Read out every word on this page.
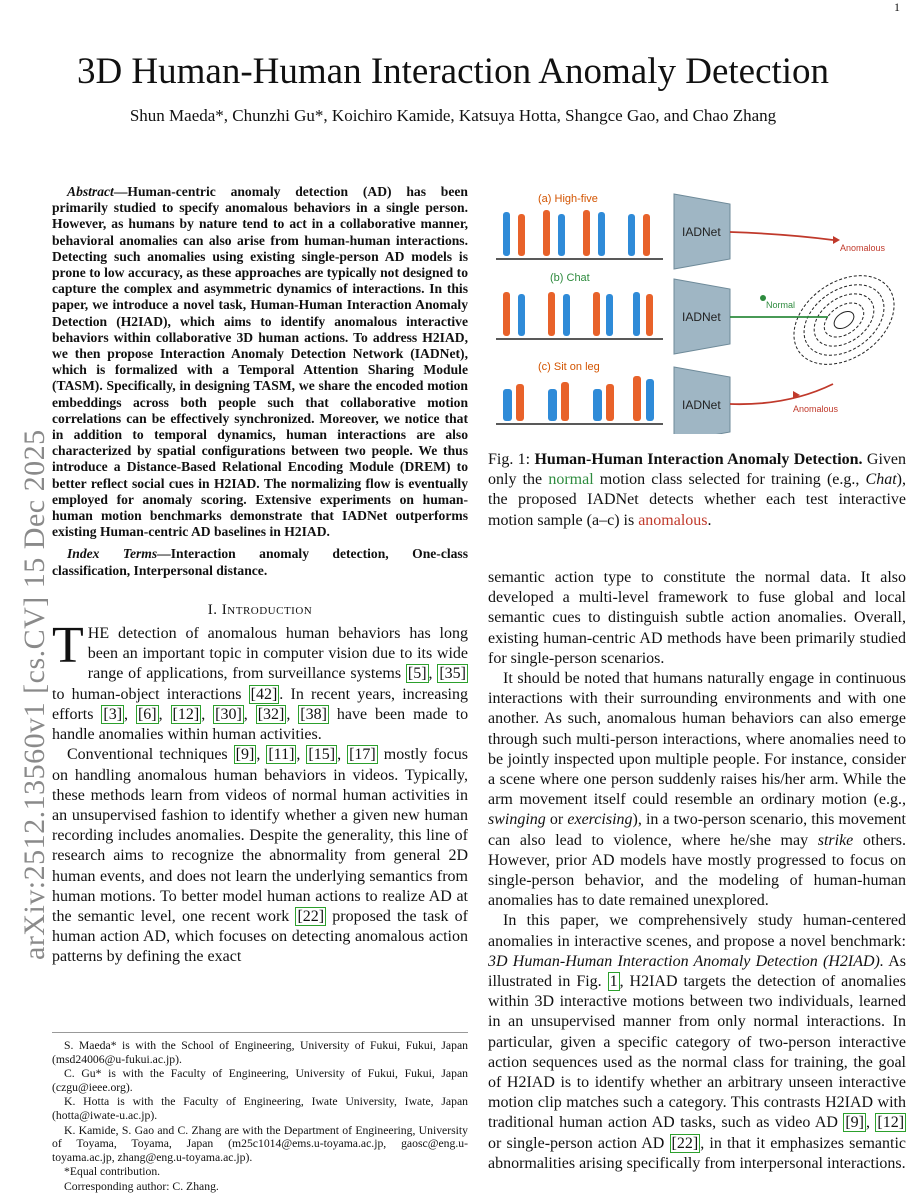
1
arXiv:2512.13560v1 [cs.CV] 15 Dec 2025
3D Human-Human Interaction Anomaly Detection
Shun Maeda*, Chunzhi Gu*, Koichiro Kamide, Katsuya Hotta, Shangce Gao, and Chao Zhang
Abstract—Human-centric anomaly detection (AD) has been primarily studied to specify anomalous behaviors in a single person. However, as humans by nature tend to act in a collaborative manner, behavioral anomalies can also arise from human-human interactions. Detecting such anomalies using existing single-person AD models is prone to low accuracy, as these approaches are typically not designed to capture the complex and asymmetric dynamics of interactions. In this paper, we introduce a novel task, Human-Human Interaction Anomaly Detection (H2IAD), which aims to identify anomalous interactive behaviors within collaborative 3D human actions. To address H2IAD, we then propose Interaction Anomaly Detection Network (IADNet), which is formalized with a Temporal Attention Sharing Module (TASM). Specifically, in designing TASM, we share the encoded motion embeddings across both people such that collaborative motion correlations can be effectively synchronized. Moreover, we notice that in addition to temporal dynamics, human interactions are also characterized by spatial configurations between two people. We thus introduce a Distance-Based Relational Encoding Module (DREM) to better reflect social cues in H2IAD. The normalizing flow is eventually employed for anomaly scoring. Extensive experiments on human-human motion benchmarks demonstrate that IADNet outperforms existing Human-centric AD baselines in H2IAD.
Index Terms—Interaction anomaly detection, One-class classification, Interpersonal distance.
I. Introduction

THE detection of anomalous human behaviors has long been an important topic in computer vision due to its wide range of applications, from surveillance systems [5] , [35] to human-object interactions [42] . In recent years, increasing efforts [3] , [6] , [12] , [30] , [32] , [38] have been made to handle anomalies within human activities.

Conventional techniques [9] , [11] , [15] , [17] mostly focus on handling anomalous human behaviors in videos. Typically, these methods learn from videos of normal human activities in an unsupervised fashion to identify whether a given new human recording includes anomalies. Despite the generality, this line of research aims to recognize the abnormality from general 2D human events, and does not learn the underlying semantics from human motions. To better model human actions to realize AD at the semantic level, one recent work [22] proposed the task of human action AD, which focuses on detecting anomalous action patterns by defining the exact

S. Maeda* is with the School of Engineering, University of Fukui, Fukui, Japan (msd24006@u-fukui.ac.jp).

C. Gu* is with the Faculty of Engineering, University of Fukui, Fukui, Japan (czgu@ieee.org).

K. Hotta is with the Faculty of Engineering, Iwate University, Iwate, Japan (hotta@iwate-u.ac.jp).

K. Kamide, S. Gao and C. Zhang are with the Department of Engineering, University of Toyama, Toyama, Japan (m25c1014@ems.u-toyama.ac.jp, gaosc@eng.u-toyama.ac.jp, zhang@eng.u-toyama.ac.jp).

*Equal contribution.

Corresponding author: C. Zhang.

(a) High-five
(b) Chat
(c) Sit on leg
IADNet
IADNet
IADNet
Anomalous
Normal
Anomalous
Fig. 1: Human-Human Interaction Anomaly Detection. Given only the normal motion class selected for training (e.g., Chat), the proposed IADNet detects whether each test interactive motion sample (a–c) is anomalous.

semantic action type to constitute the normal data. It also developed a multi-level framework to fuse global and local semantic cues to distinguish subtle action anomalies. Overall, existing human-centric AD methods have been primarily studied for single-person scenarios.

It should be noted that humans naturally engage in continuous interactions with their surrounding environments and with one another. As such, anomalous human behaviors can also emerge through such multi-person interactions, where anomalies need to be jointly inspected upon multiple people. For instance, consider a scene where one person suddenly raises his/her arm. While the arm movement itself could resemble an ordinary motion (e.g., swinging or exercising), in a two-person scenario, this movement can also lead to violence, where he/she may strike others. However, prior AD models have mostly progressed to focus on single-person behavior, and the modeling of human-human anomalies has to date remained unexplored.

In this paper, we comprehensively study human-centered anomalies in interactive scenes, and propose a novel benchmark: 3D Human-Human Interaction Anomaly Detection (H2IAD). As illustrated in Fig. 1 , H2IAD targets the detection of anomalies within 3D interactive motions between two individuals, learned in an unsupervised manner from only normal interactions. In particular, given a specific category of two-person interactive action sequences used as the normal class for training, the goal of H2IAD is to identify whether an arbitrary unseen interactive motion clip matches such a category. This contrasts H2IAD with traditional human action AD tasks, such as video AD [9] , [12] or single-person action AD [22] , in that it emphasizes semantic abnormalities arising specifically from interpersonal interactions.
